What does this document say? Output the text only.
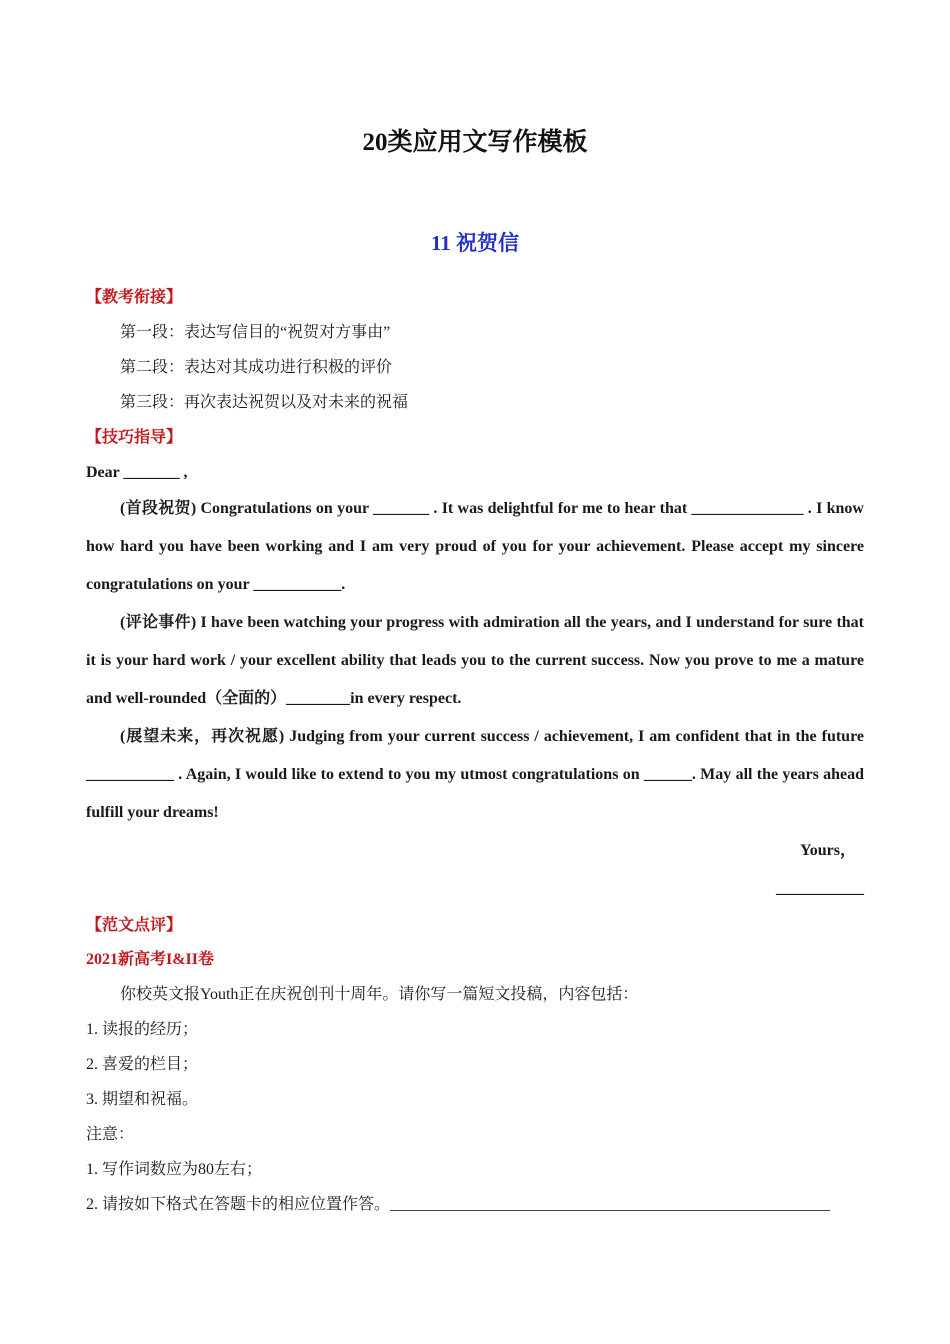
20类应用文写作模板
11 祝贺信
【教考衔接】
第一段：表达写信目的“祝贺对方事由”
第二段：表达对其成功进行积极的评价
第三段：再次表达祝贺以及对未来的祝福
【技巧指导】

Dear _______ ,

(首段祝贺) Congratulations on your _______ . It was delightful for me to hear that ______________ . I know how hard you have been working and I am very proud of you for your achievement. Please accept my sincere congratulations on your ___________.

(评论事件) I have been watching your progress with admiration all the years, and I understand for sure that it is your hard work / your excellent ability that leads you to the current success. Now you prove to me a mature and well-rounded（全面的）________in every respect.

(展望未来，再次祝愿) Judging from your current success / achievement, I am confident that in the future ___________ . Again, I would like to extend to you my utmost congratulations on ______. May all the years ahead fulfill your dreams!

Yours，

___________

【范文点评】
2021新高考I&II卷
你校英文报Youth正在庆祝创刊十周年。请你写一篇短文投稿，内容包括：
1. 读报的经历；
2. 喜爱的栏目；
3. 期望和祝福。
注意：
1. 写作词数应为80左右；
2. 请按如下格式在答题卡的相应位置作答。_______________________________________________________
